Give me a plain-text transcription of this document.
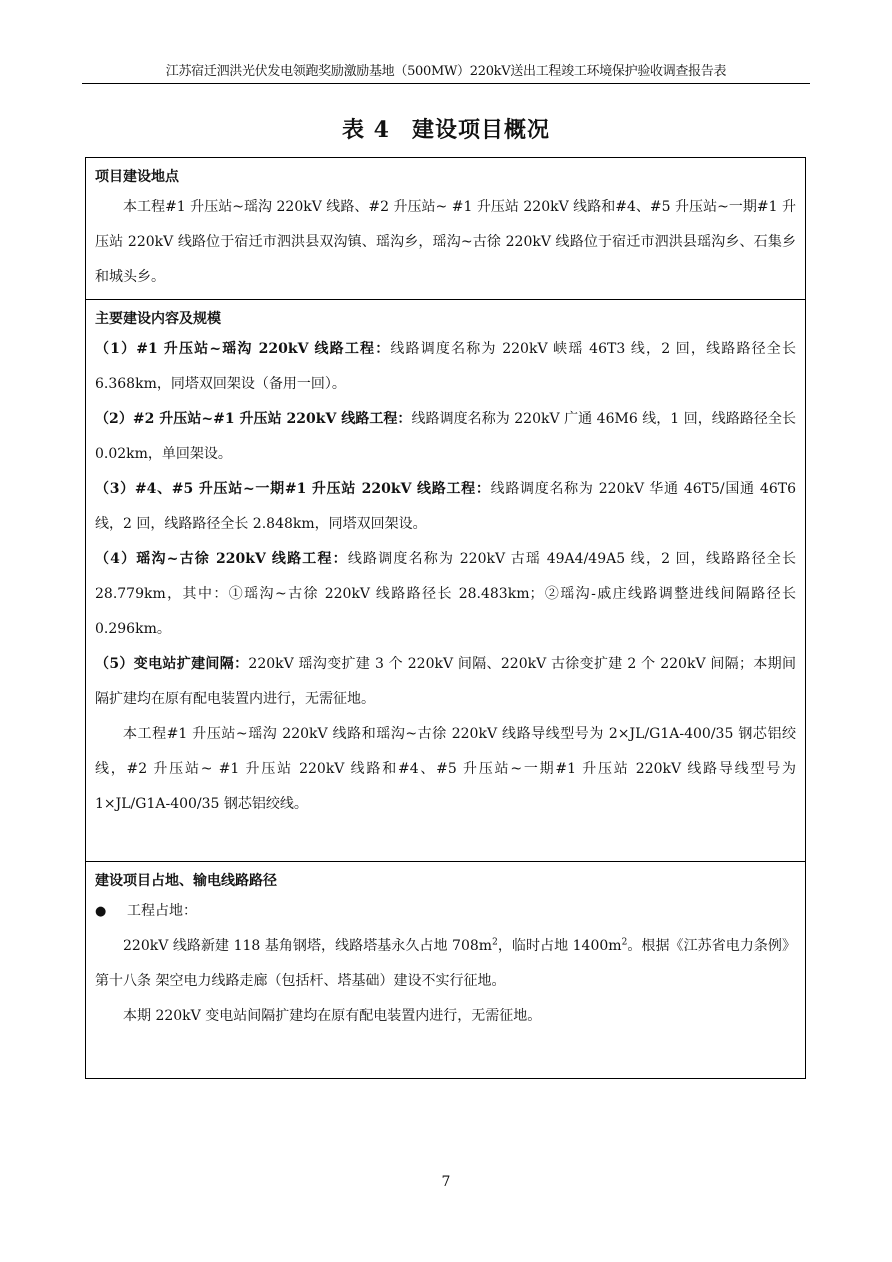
江苏宿迁泗洪光伏发电领跑奖励激励基地（500MW）220kV送出工程竣工环境保护验收调查报告表
表 4 建设项目概况
项目建设地点

本工程#1 升压站~瑶沟 220kV 线路、#2 升压站~ #1 升压站 220kV 线路和#4、#5 升压站~一期#1 升压站 220kV 线路位于宿迁市泗洪县双沟镇、瑶沟乡，瑶沟~古徐 220kV 线路位于宿迁市泗洪县瑶沟乡、石集乡和城头乡。

主要建设内容及规模

（1）#1 升压站~瑶沟 220kV 线路工程：线路调度名称为 220kV 峡瑶 46T3 线，2 回，线路路径全长 6.368km，同塔双回架设（备用一回）。

（2）#2 升压站~#1 升压站 220kV 线路工程：线路调度名称为 220kV 广通 46M6 线，1 回，线路路径全长 0.02km，单回架设。

（3）#4、#5 升压站~一期#1 升压站 220kV 线路工程：线路调度名称为 220kV 华通 46T5/国通 46T6 线，2 回，线路路径全长 2.848km，同塔双回架设。

（4）瑶沟~古徐 220kV 线路工程：线路调度名称为 220kV 古瑶 49A4/49A5 线，2 回，线路路径全长 28.779km，其中：①瑶沟~古徐 220kV 线路路径长 28.483km；②瑶沟-戚庄线路调整进线间隔路径长 0.296km。

（5）变电站扩建间隔：220kV 瑶沟变扩建 3 个 220kV 间隔、220kV 古徐变扩建 2 个 220kV 间隔；本期间隔扩建均在原有配电装置内进行，无需征地。

本工程#1 升压站~瑶沟 220kV 线路和瑶沟~古徐 220kV 线路导线型号为 2×JL/G1A-400/35 钢芯铝绞线，#2 升压站~ #1 升压站 220kV 线路和#4、#5 升压站~一期#1 升压站 220kV 线路导线型号为 1×JL/G1A-400/35 钢芯铝绞线。

建设项目占地、输电线路路径
● 工程占地：

220kV 线路新建 118 基角钢塔，线路塔基永久占地 $708m^2$，临时占地 $1400m^2$。根据《江苏省电力条例》第十八条 架空电力线路走廊（包括杆、塔基础）建设不实行征地。

本期 220kV 变电站间隔扩建均在原有配电装置内进行，无需征地。

7
